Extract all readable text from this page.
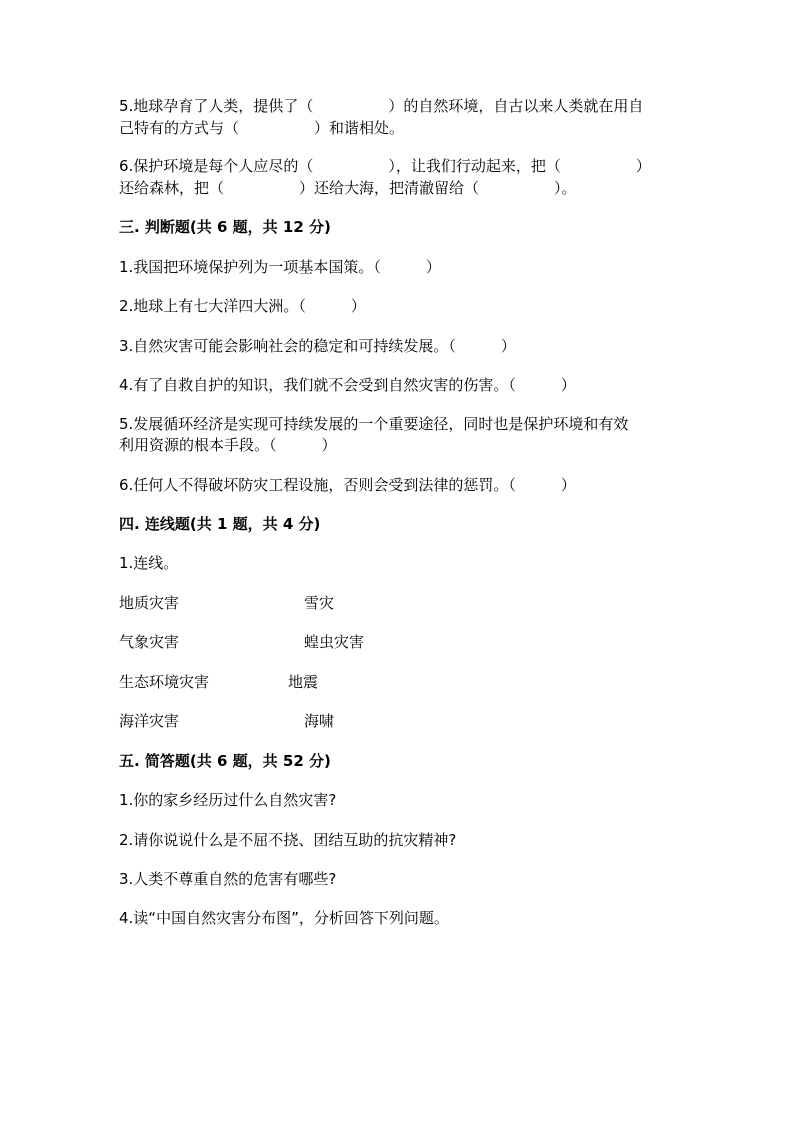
5.地球孕育了人类，提供了（　　　　　）的自然环境，自古以来人类就在用自
己特有的方式与（　　　　　）和谐相处。
6.保护环境是每个人应尽的（　　　　　），让我们行动起来，把（　　　　　）
还给森林，把（　　　　　）还给大海，把清澈留给（　　　　　）。
三. 判断题(共 6 题，共 12 分)
1.我国把环境保护列为一项基本国策。（　　　）
2.地球上有七大洋四大洲。（　　　）
3.自然灾害可能会影响社会的稳定和可持续发展。（　　　）
4.有了自救自护的知识，我们就不会受到自然灾害的伤害。（　　　）
5.发展循环经济是实现可持续发展的一个重要途径，同时也是保护环境和有效
利用资源的根本手段。（　　　）
6.任何人不得破坏防灾工程设施，否则会受到法律的惩罚。（　　　）
四. 连线题(共 1 题，共 4 分)
1.连线。
地质灾害	雪灾
气象灾害	蝗虫灾害
生态环境灾害	地震
海洋灾害	海啸
五. 简答题(共 6 题，共 52 分)
1.你的家乡经历过什么自然灾害?
2.请你说说什么是不屈不挠、团结互助的抗灾精神?
3.人类不尊重自然的危害有哪些?
4.读“中国自然灾害分布图”，分析回答下列问题。
